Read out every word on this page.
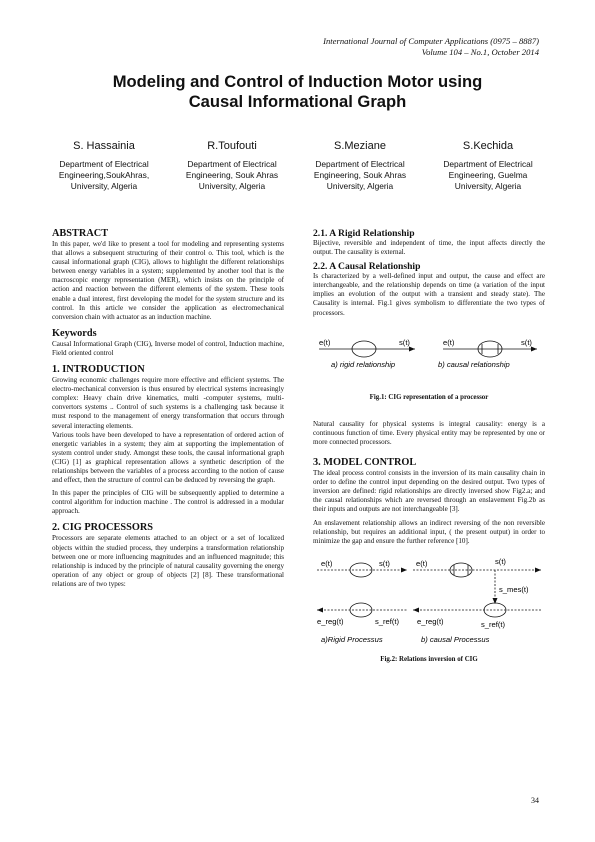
International Journal of Computer Applications (0975 – 8887)
Volume 104 – No.1, October 2014
Modeling and Control of Induction Motor using
Causal Informational Graph
S. Hassainia
Department of Electrical
Engineering,SoukAhras,
University, Algeria
R.Toufouti
Department of Electrical
Engineering, Souk Ahras
University, Algeria
S.Meziane
Department of Electrical
Engineering, Souk Ahras
University, Algeria
S.Kechida
Department of Electrical
Engineering, Guelma
University, Algeria
ABSTRACT

In this paper, we'd like to present a tool for modeling and representing systems that allows a subsequent structuring of their control o. This tool, which is the causal informational graph (CIG), allows to highlight the different relationships between energy variables in a system; supplemented by another tool that is the macroscopic energy representation (MER), which insists on the principle of action and reaction between the different elements of the system. These tools enable a dual interest, first developing the model for the system structure and its control. In this article we consider the application as electromechanical conversion chain with actuator as an induction machine.

Keywords

Causal Informational Graph (CIG), Inverse model of control, Induction machine, Field oriented control

1. INTRODUCTION

Growing economic challenges require more effective and efficient systems. The electro-mechanical conversion is thus ensured by electrical systems increasingly complex: Heavy chain drive kinematics, multi -computer systems, multi-convertors systems .. Control of such systems is a challenging task because it must respond to the management of energy transformation that occurs through several interacting elements.

Various tools have been developed to have a representation of ordered action of energetic variables in a system; they aim at supporting the implementation of system control under study. Amongst these tools, the causal informational graph (CIG) [1] as graphical representation allows a synthetic description of the relationships between the variables of a process according to the notion of cause and effect, then the structure of control can be deduced by reversing the graph.

In this paper the principles of CIG will be subsequently applied to determine a control algorithm for induction machine . The control is addressed in a modular approach.

2. CIG PROCESSORS

Processors are separate elements attached to an object or a set of localized objects within the studied process, they underpins a transformation relationship between one or more influencing magnitudes and an influenced magnitude; this relationship is induced by the principle of natural causality governing the energy operation of any object or group of objects [2] [8]. These transformational relations are of two types:

2.1. A Rigid Relationship

Bijective, reversible and independent of time, the input affects directly the output. The causality is external.

2.2. A Causal Relationship

Is characterized by a well-defined input and output, the cause and effect are interchangeable, and the relationship depends on time (a variation of the input implies an evolution of the output with a transient and steady state). The Causality is internal. Fig.1 gives symbolism to differentiate the two types of processors.

e(t)	s(t)
a) rigid relationship
e(t)	s(t)
b) causal relationship
Fig.1: CIG representation of a processor

Natural causality for physical systems is integral causality: energy is a continuous function of time. Every physical entity may be represented by one or more connected processors.

3. MODEL CONTROL

The ideal process control consists in the inversion of its main causality chain in order to define the control input depending on the desired output. Two types of inversion are defined: rigid relationships are directly inversed show Fig2.a; and the causal relationships which are reversed through an enslavement Fig.2b as their inputs and outputs are not interchangeable [3].

An enslavement relationship allows an indirect reversing of the non reversible relationship, but requires an additional input, ( the present output) in order to minimize the gap and ensure the further reference [10].

e(t)	s(t)
e_reg(t)	s_ref(t)
a)Rigid Processus
e(t)	s(t)
s_mes(t)
e_reg(t)	s_ref(t)
b) causal Processus
Fig.2: Relations inversion of CIG
34
